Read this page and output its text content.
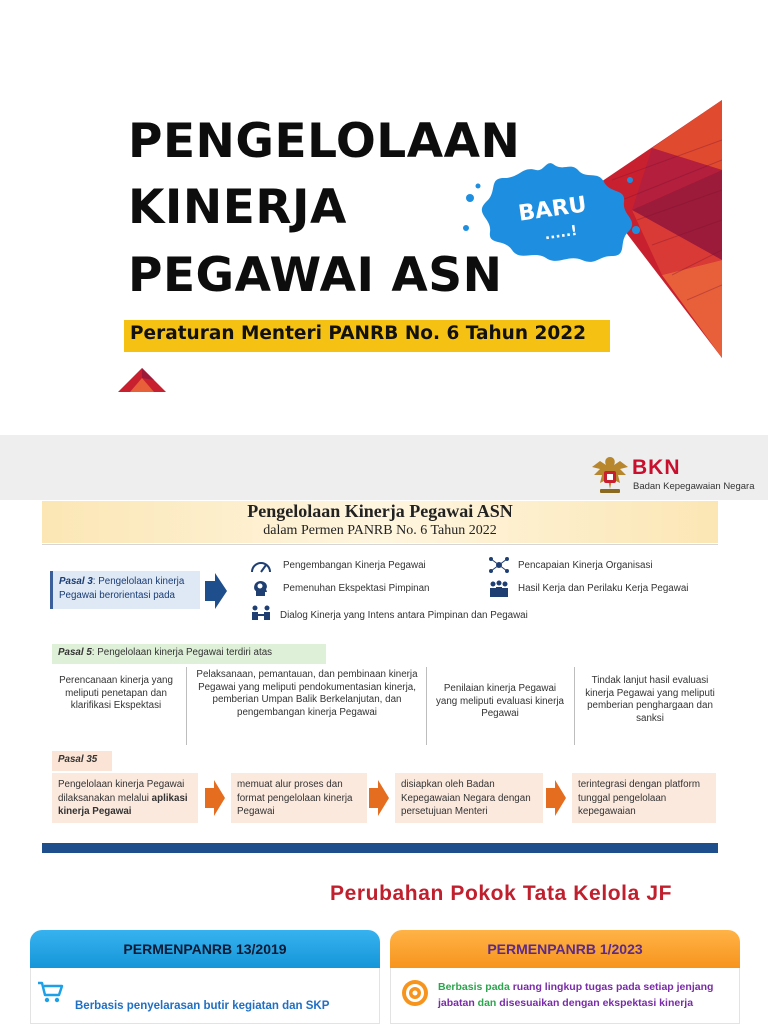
PENGELOLAAN
KINERJA
PEGAWAI ASN
BARU
.....!
Peraturan Menteri PANRB No. 6 Tahun 2022
BKN
Badan Kepegawaian Negara
Pengelolaan Kinerja Pegawai ASN
dalam Permen PANRB No. 6 Tahun 2022
Pasal 3: Pengelolaan kinerja Pegawai berorientasi pada
Pengembangan Kinerja Pegawai	Pencapaian Kinerja Organisasi
Pemenuhan Ekspektasi Pimpinan	Hasil Kerja dan Perilaku Kerja Pegawai
Dialog Kinerja yang Intens antara Pimpinan dan Pegawai
Pasal 5: Pengelolaan kinerja Pegawai terdiri atas
Perencanaan kinerja yang meliputi penetapan dan klarifikasi Ekspektasi
Pelaksanaan, pemantauan, dan pembinaan kinerja Pegawai yang meliputi pendokumentasian kinerja, pemberian Umpan Balik Berkelanjutan, dan pengembangan kinerja Pegawai
Penilaian kinerja Pegawai yang meliputi evaluasi kinerja Pegawai
Tindak lanjut hasil evaluasi kinerja Pegawai yang meliputi pemberian penghargaan dan sanksi
Pasal 35
Pengelolaan kinerja Pegawai dilaksanakan melalui aplikasi kinerja Pegawai
memuat alur proses dan format pengelolaan kinerja Pegawai
disiapkan oleh Badan Kepegawaian Negara dengan persetujuan Menteri
terintegrasi dengan platform tunggal pengelolaan kepegawaian
Perubahan Pokok Tata Kelola JF
PERMENPANRB 13/2019	PERMENPANRB 1/2023
Berbasis penyelarasan butir kegiatan dan SKP
Berbasis pada ruang lingkup tugas pada setiap jenjang jabatan dan disesuaikan dengan ekspektasi kinerja
